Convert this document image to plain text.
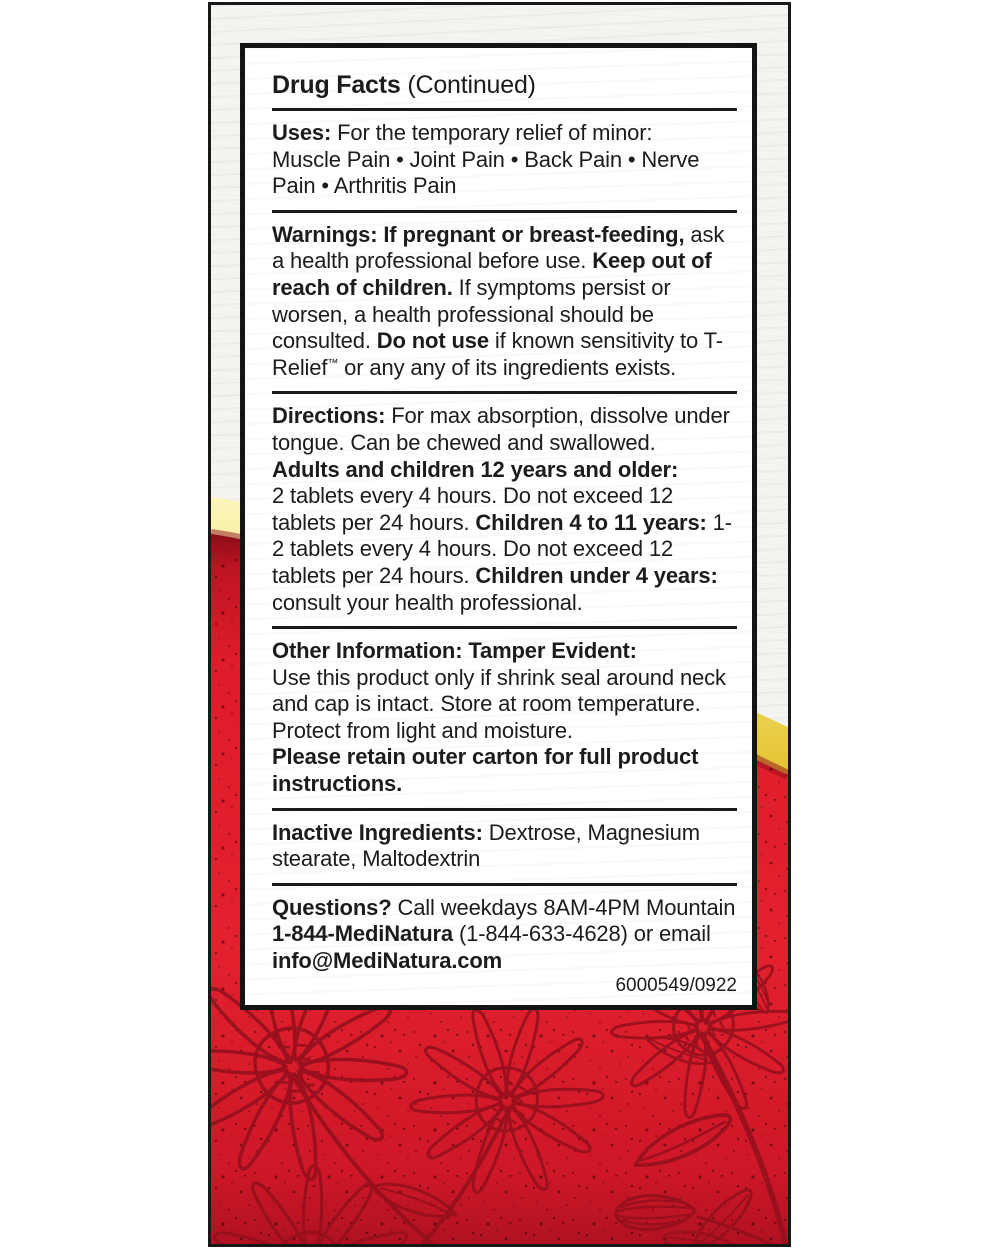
Drug Facts (Continued)
Uses: For the temporary relief of minor:
Muscle Pain • Joint Pain • Back Pain • Nerve Pain • Arthritis Pain
Warnings: If pregnant or breast-feeding, ask a health professional before use. Keep out of reach of children. If symptoms persist or worsen, a health professional should be consulted. Do not use if known sensitivity to T-Relief™ or any any of its ingredients exists.
Directions: For max absorption, dissolve under tongue. Can be chewed and swallowed.
Adults and children 12 years and older:
2 tablets every 4 hours. Do not exceed 12 tablets per 24 hours. Children 4 to 11 years: 1-2 tablets every 4 hours. Do not exceed 12 tablets per 24 hours. Children under 4 years: consult your health professional.
Other Information: Tamper Evident:
Use this product only if shrink seal around neck and cap is intact. Store at room temperature. Protect from light and moisture.
Please retain outer carton for full product instructions.
Inactive Ingredients: Dextrose, Magnesium stearate, Maltodextrin
Questions? Call weekdays 8AM-4PM Mountain 1-844-MediNatura (1-844-633-4628) or email info@MediNatura.com
6000549/0922
